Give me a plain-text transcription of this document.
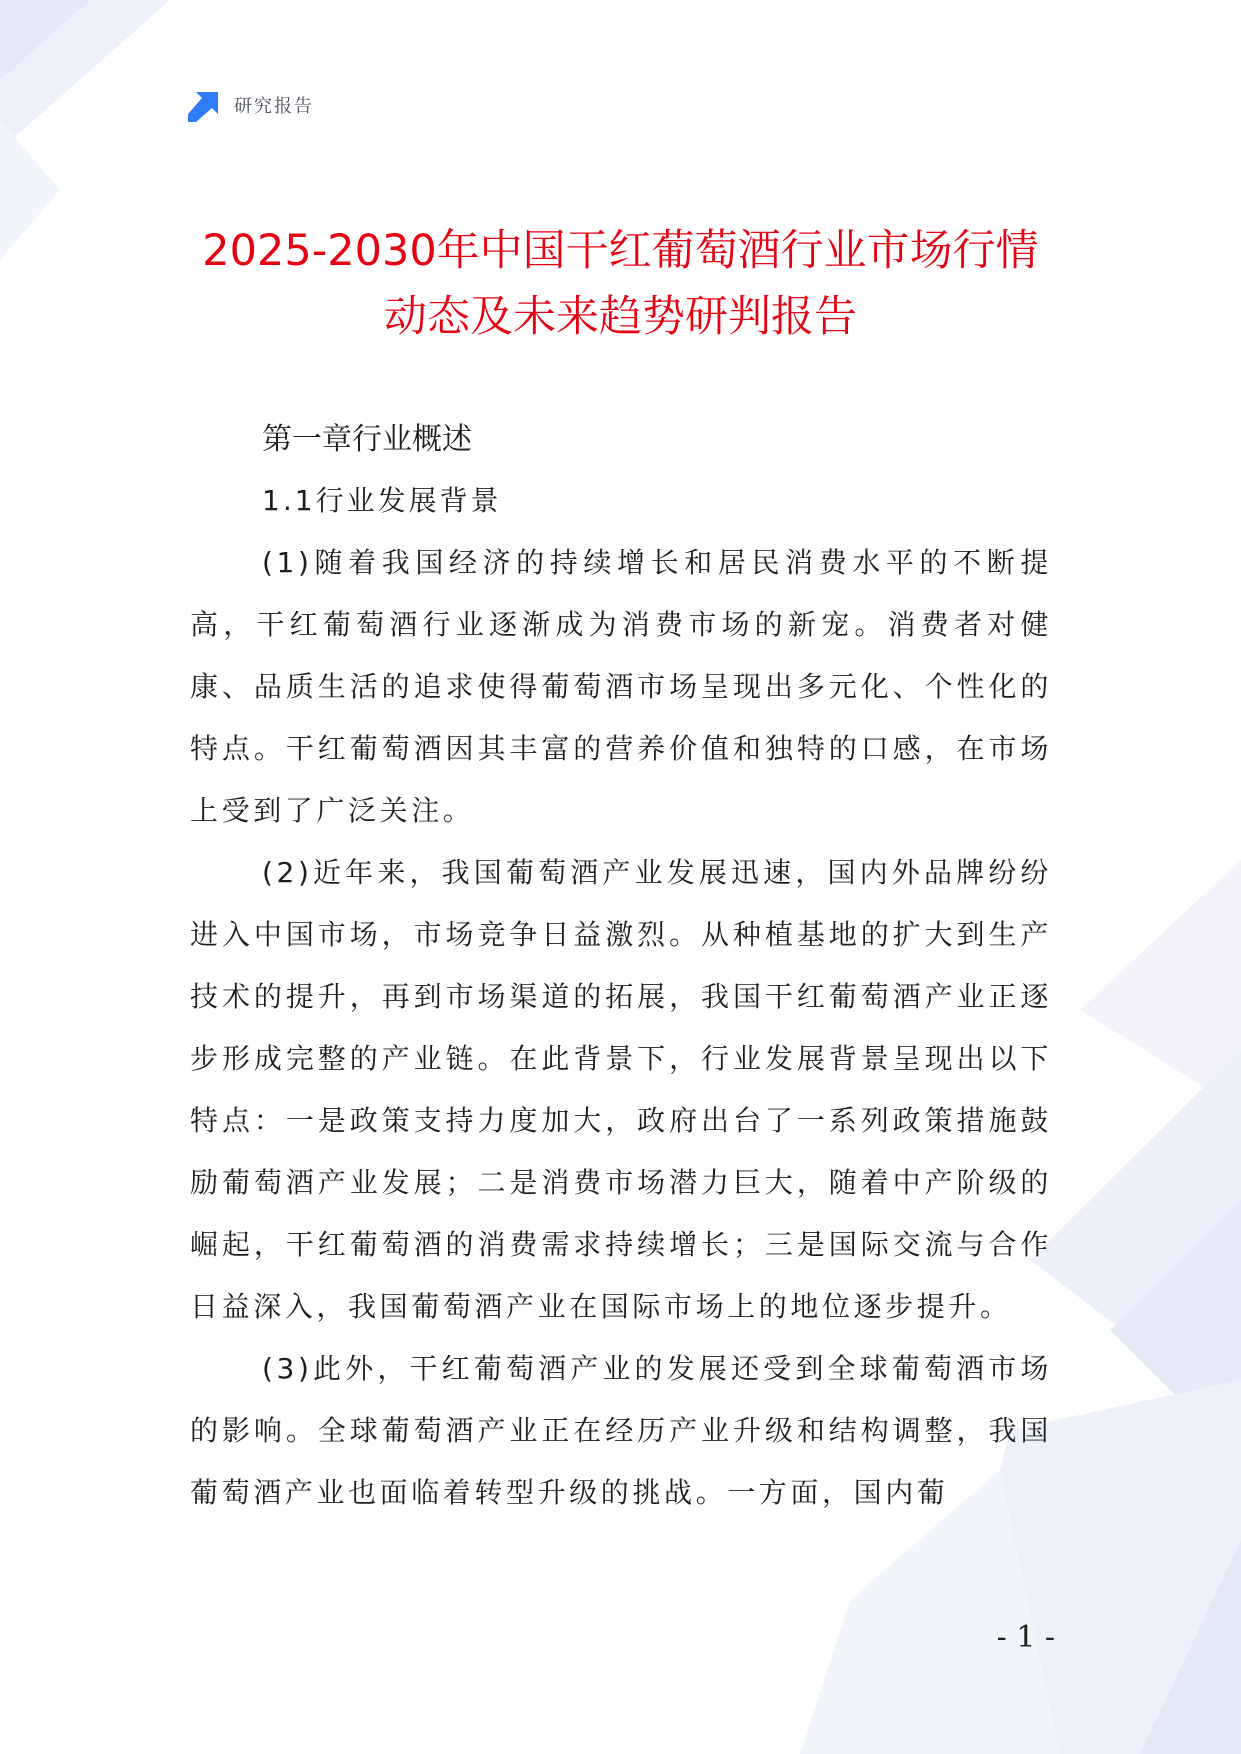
研究报告
2025-2030年中国干红葡萄酒行业市场行情
动态及未来趋势研判报告
第一章行业概述
1.1行业发展背景

(1)随着我国经济的持续增长和居民消费水平的不断提高，干红葡萄酒行业逐渐成为消费市场的新宠。消费者对健康、品质生活的追求使得葡萄酒市场呈现出多元化、个性化的特点。干红葡萄酒因其丰富的营养价值和独特的口感，在市场上受到了广泛关注。

(2)近年来，我国葡萄酒产业发展迅速，国内外品牌纷纷进入中国市场，市场竞争日益激烈。从种植基地的扩大到生产技术的提升，再到市场渠道的拓展，我国干红葡萄酒产业正逐步形成完整的产业链。在此背景下，行业发展背景呈现出以下特点：一是政策支持力度加大，政府出台了一系列政策措施鼓励葡萄酒产业发展；二是消费市场潜力巨大，随着中产阶级的崛起，干红葡萄酒的消费需求持续增长；三是国际交流与合作日益深入，我国葡萄酒产业在国际市场上的地位逐步提升。

(3)此外，干红葡萄酒产业的发展还受到全球葡萄酒市场的影响。全球葡萄酒产业正在经历产业升级和结构调整，我国葡萄酒产业也面临着转型升级的挑战。一方面，国内葡

- 1 -
